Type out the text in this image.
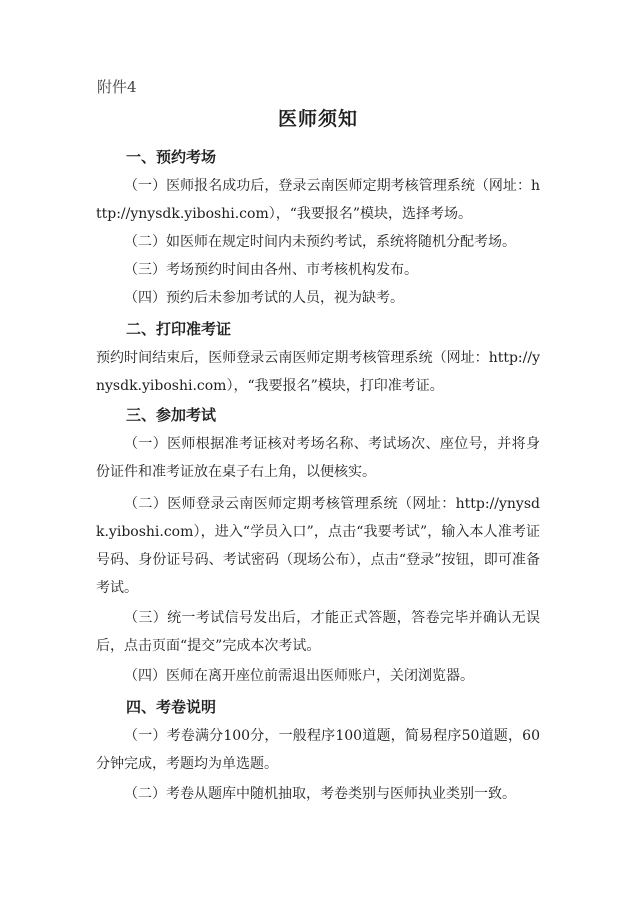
附件4
医师须知
一、预约考场
（一）医师报名成功后，登录云南医师定期考核管理系统（网址：http://ynysdk.yiboshi.com），“我要报名”模块，选择考场。
（二）如医师在规定时间内未预约考试，系统将随机分配考场。
（三）考场预约时间由各州、市考核机构发布。
（四）预约后未参加考试的人员，视为缺考。
二、打印准考证
预约时间结束后，医师登录云南医师定期考核管理系统（网址：http://ynysdk.yiboshi.com），“我要报名”模块，打印准考证。
三、参加考试
（一）医师根据准考证核对考场名称、考试场次、座位号，并将身份证件和准考证放在桌子右上角，以便核实。
（二）医师登录云南医师定期考核管理系统（网址：http://ynysdk.yiboshi.com），进入“学员入口”，点击“我要考试”，输入本人准考证号码、身份证号码、考试密码（现场公布），点击“登录”按钮，即可准备考试。
（三）统一考试信号发出后，才能正式答题，答卷完毕并确认无误后，点击页面“提交”完成本次考试。
（四）医师在离开座位前需退出医师账户，关闭浏览器。
四、考卷说明
（一）考卷满分100分，一般程序100道题，简易程序50道题，60分钟完成，考题均为单选题。
（二）考卷从题库中随机抽取，考卷类别与医师执业类别一致。
